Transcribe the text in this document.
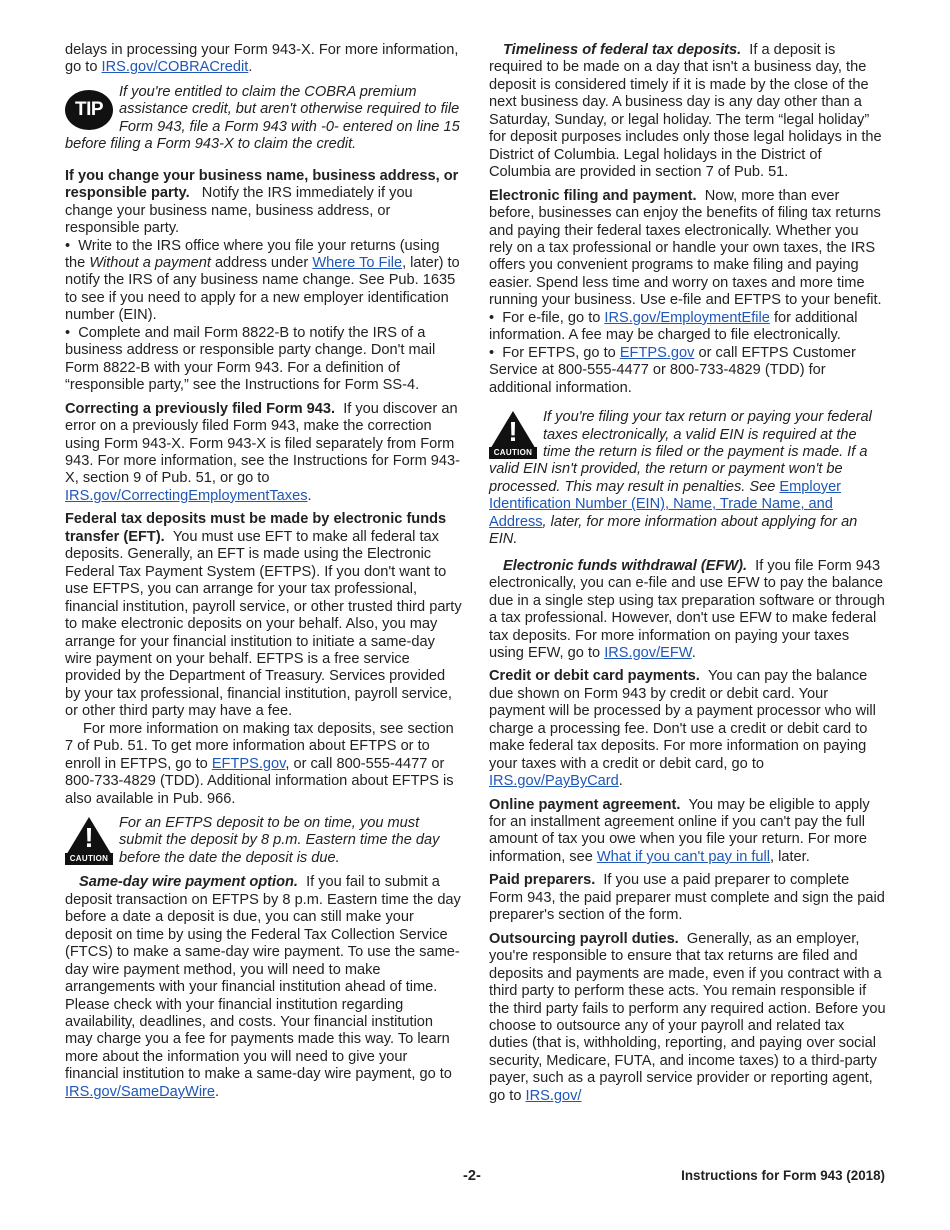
delays in processing your Form 943-X. For more information, go to IRS.gov/COBRACredit.

TIP
If you're entitled to claim the COBRA premium assistance credit, but aren't otherwise required to file Form 943, file a Form 943 with -0- entered on line 15 before filing a Form 943-X to claim the credit.

If you change your business name, business address, or responsible party. Notify the IRS immediately if you change your business name, business address, or responsible party.

• Write to the IRS office where you file your returns (using the Without a payment address under Where To File, later) to notify the IRS of any business name change. See Pub. 1635 to see if you need to apply for a new employer identification number (EIN).

• Complete and mail Form 8822-B to notify the IRS of a business address or responsible party change. Don't mail Form 8822-B with your Form 943. For a definition of “responsible party,” see the Instructions for Form SS-4.

Correcting a previously filed Form 943. If you discover an error on a previously filed Form 943, make the correction using Form 943-X. Form 943-X is filed separately from Form 943. For more information, see the Instructions for Form 943-X, section 9 of Pub. 51, or go to IRS.gov/CorrectingEmploymentTaxes.

Federal tax deposits must be made by electronic funds transfer (EFT). You must use EFT to make all federal tax deposits. Generally, an EFT is made using the Electronic Federal Tax Payment System (EFTPS). If you don't want to use EFTPS, you can arrange for your tax professional, financial institution, payroll service, or other trusted third party to make electronic deposits on your behalf. Also, you may arrange for your financial institution to initiate a same-day wire payment on your behalf. EFTPS is a free service provided by the Department of Treasury. Services provided by your tax professional, financial institution, payroll service, or other third party may have a fee.

For more information on making tax deposits, see section 7 of Pub. 51. To get more information about EFTPS or to enroll in EFTPS, go to EFTPS.gov, or call 800-555-4477 or 800-733-4829 (TDD). Additional information about EFTPS is also available in Pub. 966.

!
CAUTION
For an EFTPS deposit to be on time, you must submit the deposit by 8 p.m. Eastern time the day before the date the deposit is due.

Same-day wire payment option. If you fail to submit a deposit transaction on EFTPS by 8 p.m. Eastern time the day before a date a deposit is due, you can still make your deposit on time by using the Federal Tax Collection Service (FTCS) to make a same-day wire payment. To use the same-day wire payment method, you will need to make arrangements with your financial institution ahead of time. Please check with your financial institution regarding availability, deadlines, and costs. Your financial institution may charge you a fee for payments made this way. To learn more about the information you will need to give your financial institution to make a same-day wire payment, go to IRS.gov/SameDayWire.

Timeliness of federal tax deposits. If a deposit is required to be made on a day that isn't a business day, the deposit is considered timely if it is made by the close of the next business day. A business day is any day other than a Saturday, Sunday, or legal holiday. The term “legal holiday” for deposit purposes includes only those legal holidays in the District of Columbia. Legal holidays in the District of Columbia are provided in section 7 of Pub. 51.

Electronic filing and payment. Now, more than ever before, businesses can enjoy the benefits of filing tax returns and paying their federal taxes electronically. Whether you rely on a tax professional or handle your own taxes, the IRS offers you convenient programs to make filing and paying easier. Spend less time and worry on taxes and more time running your business. Use e-file and EFTPS to your benefit.

• For e-file, go to IRS.gov/EmploymentEfile for additional information. A fee may be charged to file electronically.

• For EFTPS, go to EFTPS.gov or call EFTPS Customer Service at 800-555-4477 or 800-733-4829 (TDD) for additional information.

!
CAUTION
If you're filing your tax return or paying your federal taxes electronically, a valid EIN is required at the time the return is filed or the payment is made. If a valid EIN isn't provided, the return or payment won't be processed. This may result in penalties. See Employer Identification Number (EIN), Name, Trade Name, and Address, later, for more information about applying for an EIN.

Electronic funds withdrawal (EFW). If you file Form 943 electronically, you can e-file and use EFW to pay the balance due in a single step using tax preparation software or through a tax professional. However, don't use EFW to make federal tax deposits. For more information on paying your taxes using EFW, go to IRS.gov/EFW.

Credit or debit card payments. You can pay the balance due shown on Form 943 by credit or debit card. Your payment will be processed by a payment processor who will charge a processing fee. Don't use a credit or debit card to make federal tax deposits. For more information on paying your taxes with a credit or debit card, go to IRS.gov/PayByCard.

Online payment agreement. You may be eligible to apply for an installment agreement online if you can't pay the full amount of tax you owe when you file your return. For more information, see What if you can't pay in full, later.

Paid preparers. If you use a paid preparer to complete Form 943, the paid preparer must complete and sign the paid preparer's section of the form.

Outsourcing payroll duties. Generally, as an employer, you're responsible to ensure that tax returns are filed and deposits and payments are made, even if you contract with a third party to perform these acts. You remain responsible if the third party fails to perform any required action. Before you choose to outsource any of your payroll and related tax duties (that is, withholding, reporting, and paying over social security, Medicare, FUTA, and income taxes) to a third-party payer, such as a payroll service provider or reporting agent, go to IRS.gov/

-2-	Instructions for Form 943 (2018)
